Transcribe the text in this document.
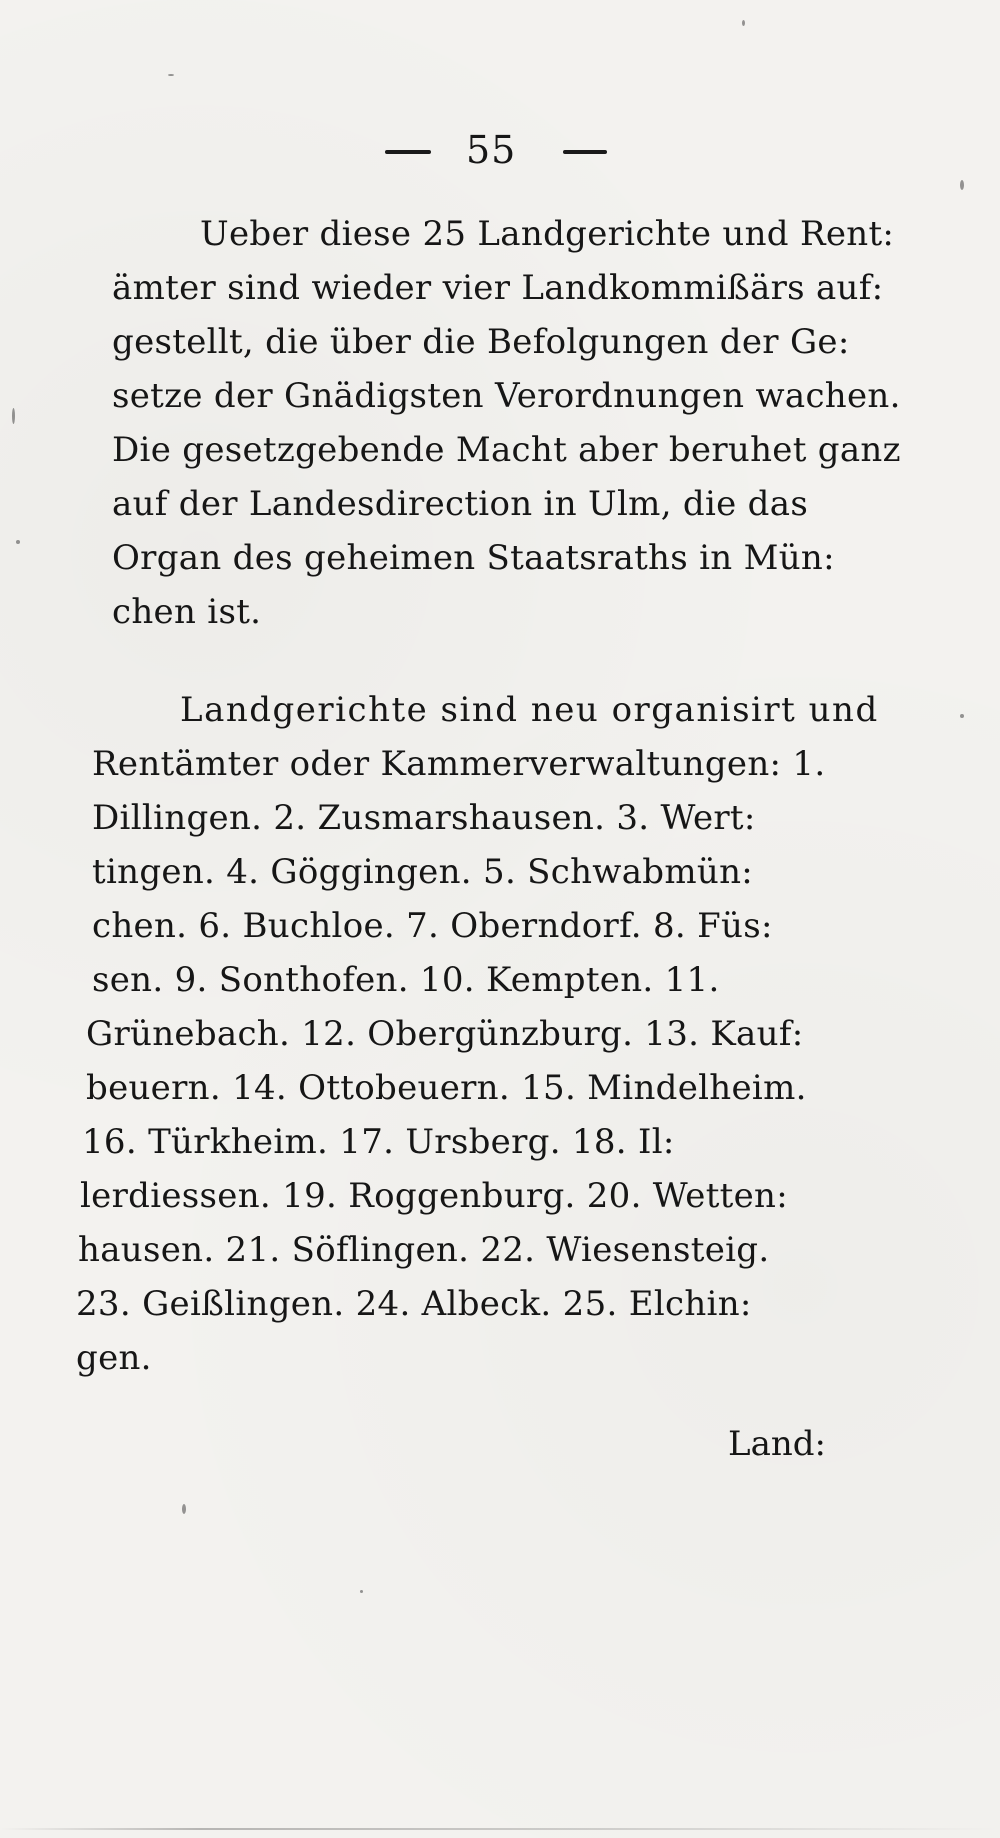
55
Ueber diese 25 Landgerichte und Rent:
ämter sind wieder vier Landkommißärs auf:
gestellt, die über die Befolgungen der Ge:
setze der Gnädigsten Verordnungen wachen.
Die gesetzgebende Macht aber beruhet ganz
auf der Landesdirection in Ulm, die das
Organ des geheimen Staatsraths in Mün:
chen ist.
Landgerichte sind neu organisirt und
Rentämter oder Kammerverwaltungen: 1.
Dillingen. 2. Zusmarshausen. 3. Wert:
tingen. 4. Göggingen. 5. Schwabmün:
chen. 6. Buchloe. 7. Oberndorf. 8. Füs:
sen. 9. Sonthofen. 10. Kempten. 11.
Grünebach. 12. Obergünzburg. 13. Kauf:
beuern. 14. Ottobeuern. 15. Mindelheim.
16. Türkheim. 17. Ursberg. 18. Il:
lerdiessen. 19. Roggenburg. 20. Wetten:
hausen. 21. Söflingen. 22. Wiesensteig.
23. Geißlingen. 24. Albeck. 25. Elchin:
gen.
Land:
